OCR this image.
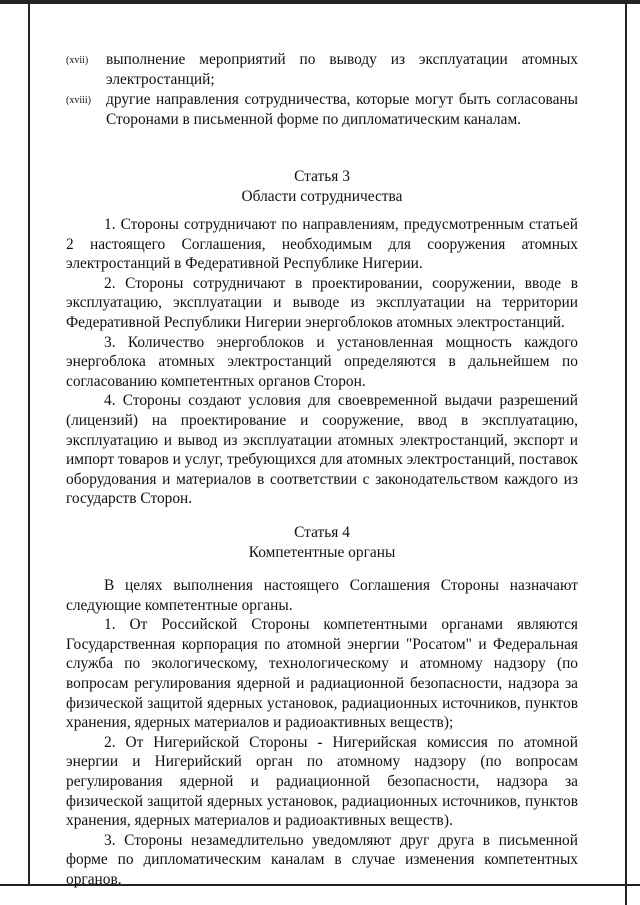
(xvii)	выполнение мероприятий по выводу из эксплуатации атомных электростанций;
(xviii) другие направления сотрудничества, которые могут быть согласованы Сторонами в письменной форме по дипломатическим каналам.
Статья 3
Области сотрудничества

1. Стороны сотрудничают по направлениям, предусмотренным статьей 2 настоящего Соглашения, необходимым для сооружения атомных электростанций в Федеративной Республике Нигерии.

2. Стороны сотрудничают в проектировании, сооружении, вводе в эксплуатацию, эксплуатации и выводе из эксплуатации на территории Федеративной Республики Нигерии энергоблоков атомных электростанций.

3. Количество энергоблоков и установленная мощность каждого энергоблока атомных электростанций определяются в дальнейшем по согласованию компетентных органов Сторон.

4. Стороны создают условия для своевременной выдачи разрешений (лицензий) на проектирование и сооружение, ввод в эксплуатацию, эксплуатацию и вывод из эксплуатации атомных электростанций, экспорт и импорт товаров и услуг, требующихся для атомных электростанций, поставок оборудования и материалов в соответствии с законодательством каждого из государств Сторон.

Статья 4
Компетентные органы

В целях выполнения настоящего Соглашения Стороны назначают следующие компетентные органы.

1. От Российской Стороны компетентными органами являются Государственная корпорация по атомной энергии "Росатом" и Федеральная служба по экологическому, технологическому и атомному надзору (по вопросам регулирования ядерной и радиационной безопасности, надзора за физической защитой ядерных установок, радиационных источников, пунктов хранения, ядерных материалов и радиоактивных веществ);

2. От Нигерийской Стороны - Нигерийская комиссия по атомной энергии и Нигерийский орган по атомному надзору (по вопросам регулирования ядерной и радиационной безопасности, надзора за физической защитой ядерных установок, радиационных источников, пунктов хранения, ядерных материалов и радиоактивных веществ).

3. Стороны незамедлительно уведомляют друг друга в письменной форме по дипломатическим каналам в случае изменения компетентных органов.
